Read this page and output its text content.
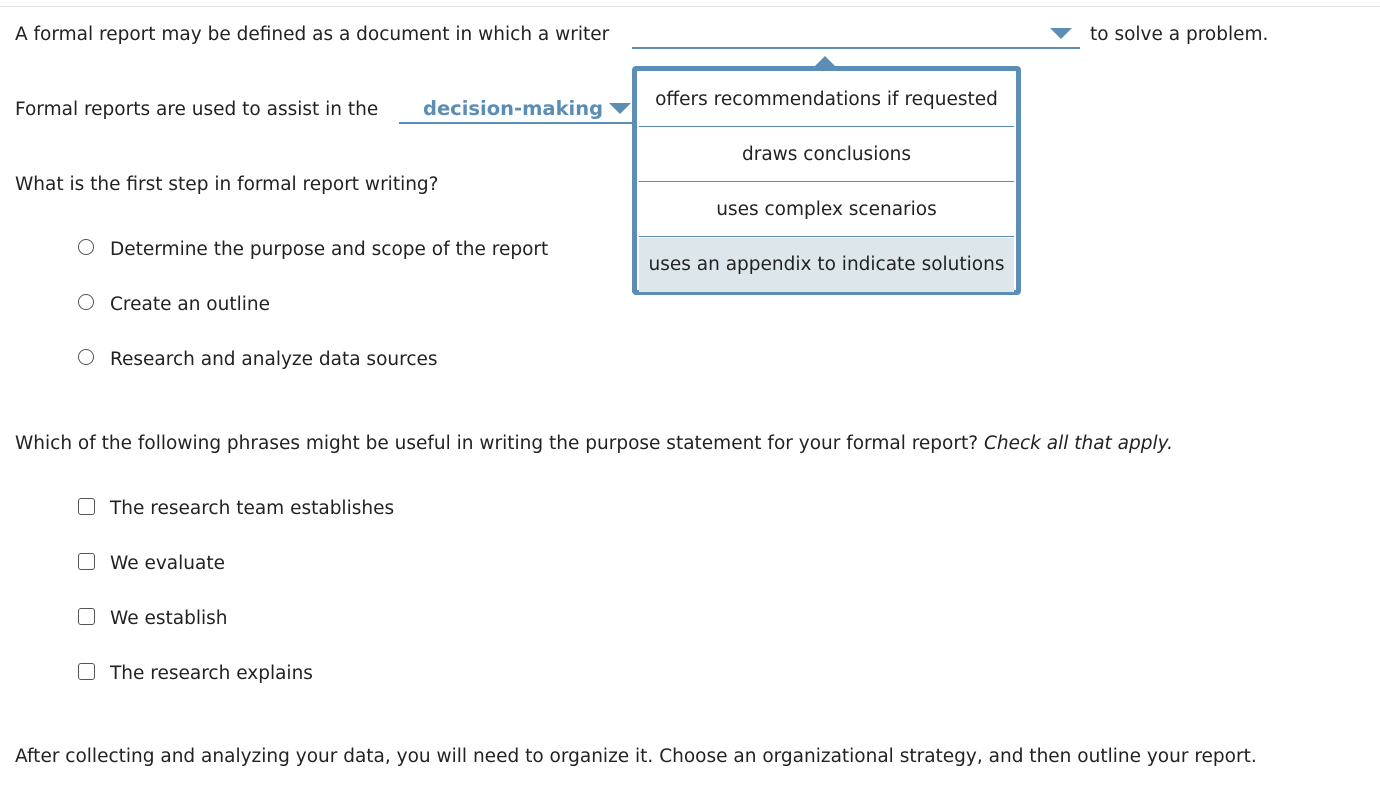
A formal report may be defined as a document in which a writer	to solve a problem.
Formal reports are used to assist in the decision-making
What is the first step in formal report writing?
Determine the purpose and scope of the report
Create an outline
Research and analyze data sources
Which of the following phrases might be useful in writing the purpose statement for your formal report? Check all that apply.
The research team establishes
We evaluate
We establish
The research explains
After collecting and analyzing your data, you will need to organize it. Choose an organizational strategy, and then outline your report.
offers recommendations if requested
draws conclusions
uses complex scenarios
uses an appendix to indicate solutions
